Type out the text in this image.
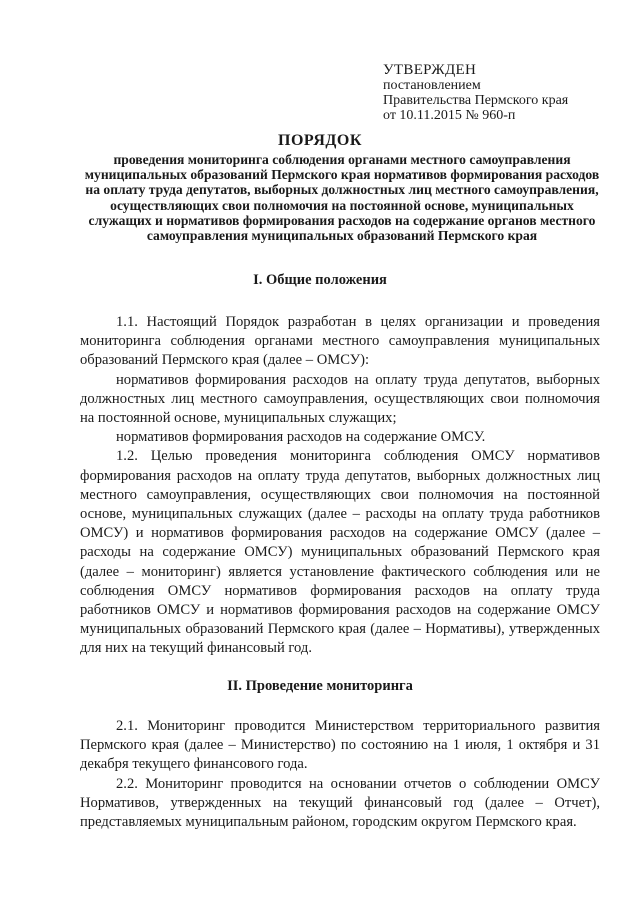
УТВЕРЖДЕН
постановлением
Правительства Пермского края
от 10.11.2015 № 960-п
ПОРЯДОК
проведения мониторинга соблюдения органами местного самоуправления муниципальных образований Пермского края нормативов формирования расходов на оплату труда депутатов, выборных должностных лиц местного самоуправления, осуществляющих свои полномочия на постоянной основе, муниципальных служащих и нормативов формирования расходов на содержание органов местного самоуправления муниципальных образований Пермского края
I. Общие положения

1.1. Настоящий Порядок разработан в целях организации и проведения мониторинга соблюдения органами местного самоуправления муниципальных образований Пермского края (далее – ОМСУ):

нормативов формирования расходов на оплату труда депутатов, выборных должностных лиц местного самоуправления, осуществляющих свои полномочия на постоянной основе, муниципальных служащих;

нормативов формирования расходов на содержание ОМСУ.

1.2. Целью проведения мониторинга соблюдения ОМСУ нормативов формирования расходов на оплату труда депутатов, выборных должностных лиц местного самоуправления, осуществляющих свои полномочия на постоянной основе, муниципальных служащих (далее – расходы на оплату труда работников ОМСУ) и нормативов формирования расходов на содержание ОМСУ (далее – расходы на содержание ОМСУ) муниципальных образований Пермского края (далее – мониторинг) является установление фактического соблюдения или не соблюдения ОМСУ нормативов формирования расходов на оплату труда работников ОМСУ и нормативов формирования расходов на содержание ОМСУ муниципальных образований Пермского края (далее – Нормативы), утвержденных для них на текущий финансовый год.

II. Проведение мониторинга

2.1. Мониторинг проводится Министерством территориального развития Пермского края (далее – Министерство) по состоянию на 1 июля, 1 октября и 31 декабря текущего финансового года.

2.2. Мониторинг проводится на основании отчетов о соблюдении ОМСУ Нормативов, утвержденных на текущий финансовый год (далее – Отчет), представляемых муниципальным районом, городским округом Пермского края.
